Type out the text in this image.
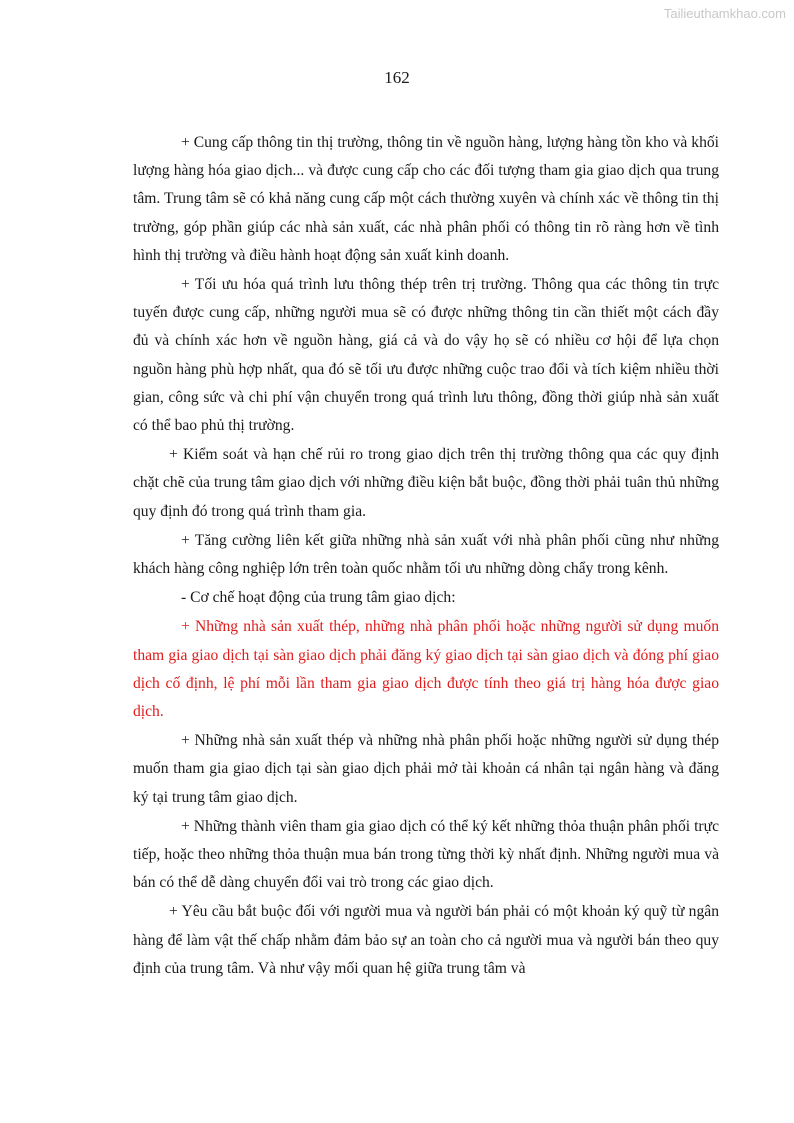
Tailieuthamkhao.com
162

+ Cung cấp thông tin thị trường, thông tin về nguồn hàng, lượng hàng tồn kho và khối lượng hàng hóa giao dịch... và được cung cấp cho các đối tượng tham gia giao dịch qua trung tâm. Trung tâm sẽ có khả năng cung cấp một cách thường xuyên và chính xác về thông tin thị trường, góp phần giúp các nhà sản xuất, các nhà phân phối có thông tin rõ ràng hơn về tình hình thị trường và điều hành hoạt động sản xuất kinh doanh.

+ Tối ưu hóa quá trình lưu thông thép trên trị trường. Thông qua các thông tin trực tuyến được cung cấp, những người mua sẽ có được những thông tin cần thiết một cách đầy đủ và chính xác hơn về nguồn hàng, giá cả và do vậy họ sẽ có nhiều cơ hội để lựa chọn nguồn hàng phù hợp nhất, qua đó sẽ tối ưu được những cuộc trao đổi và tích kiệm nhiều thời gian, công sức và chi phí vận chuyển trong quá trình lưu thông, đồng thời giúp nhà sản xuất có thể bao phủ thị trường.

+ Kiểm soát và hạn chế rủi ro trong giao dịch trên thị trường thông qua các quy định chặt chẽ của trung tâm giao dịch với những điều kiện bắt buộc, đồng thời phải tuân thủ những quy định đó trong quá trình tham gia.

+ Tăng cường liên kết giữa những nhà sản xuất với nhà phân phối cũng như những khách hàng công nghiệp lớn trên toàn quốc nhằm tối ưu những dòng chẩy trong kênh.

- Cơ chế hoạt động của trung tâm giao dịch:

+ Những nhà sản xuất thép, những nhà phân phối hoặc những người sử dụng muốn tham gia giao dịch tại sàn giao dịch phải đăng ký giao dịch tại sàn giao dịch và đóng phí giao dịch cố định, lệ phí mỗi lần tham gia giao dịch được tính theo giá trị hàng hóa được giao dịch.

+ Những nhà sản xuất thép và những nhà phân phối hoặc những người sử dụng thép muốn tham gia giao dịch tại sàn giao dịch phải mở tài khoản cá nhân tại ngân hàng và đăng ký tại trung tâm giao dịch.

+ Những thành viên tham gia giao dịch có thể ký kết những thỏa thuận phân phối trực tiếp, hoặc theo những thỏa thuận mua bán trong từng thời kỳ nhất định. Những người mua và bán có thể dễ dàng chuyển đổi vai trò trong các giao dịch.

+ Yêu cầu bắt buộc đối với người mua và người bán phải có một khoản ký quỹ từ ngân hàng để làm vật thế chấp nhằm đảm bảo sự an toàn cho cả người mua và người bán theo quy định của trung tâm. Và như vậy mối quan hệ giữa trung tâm và
